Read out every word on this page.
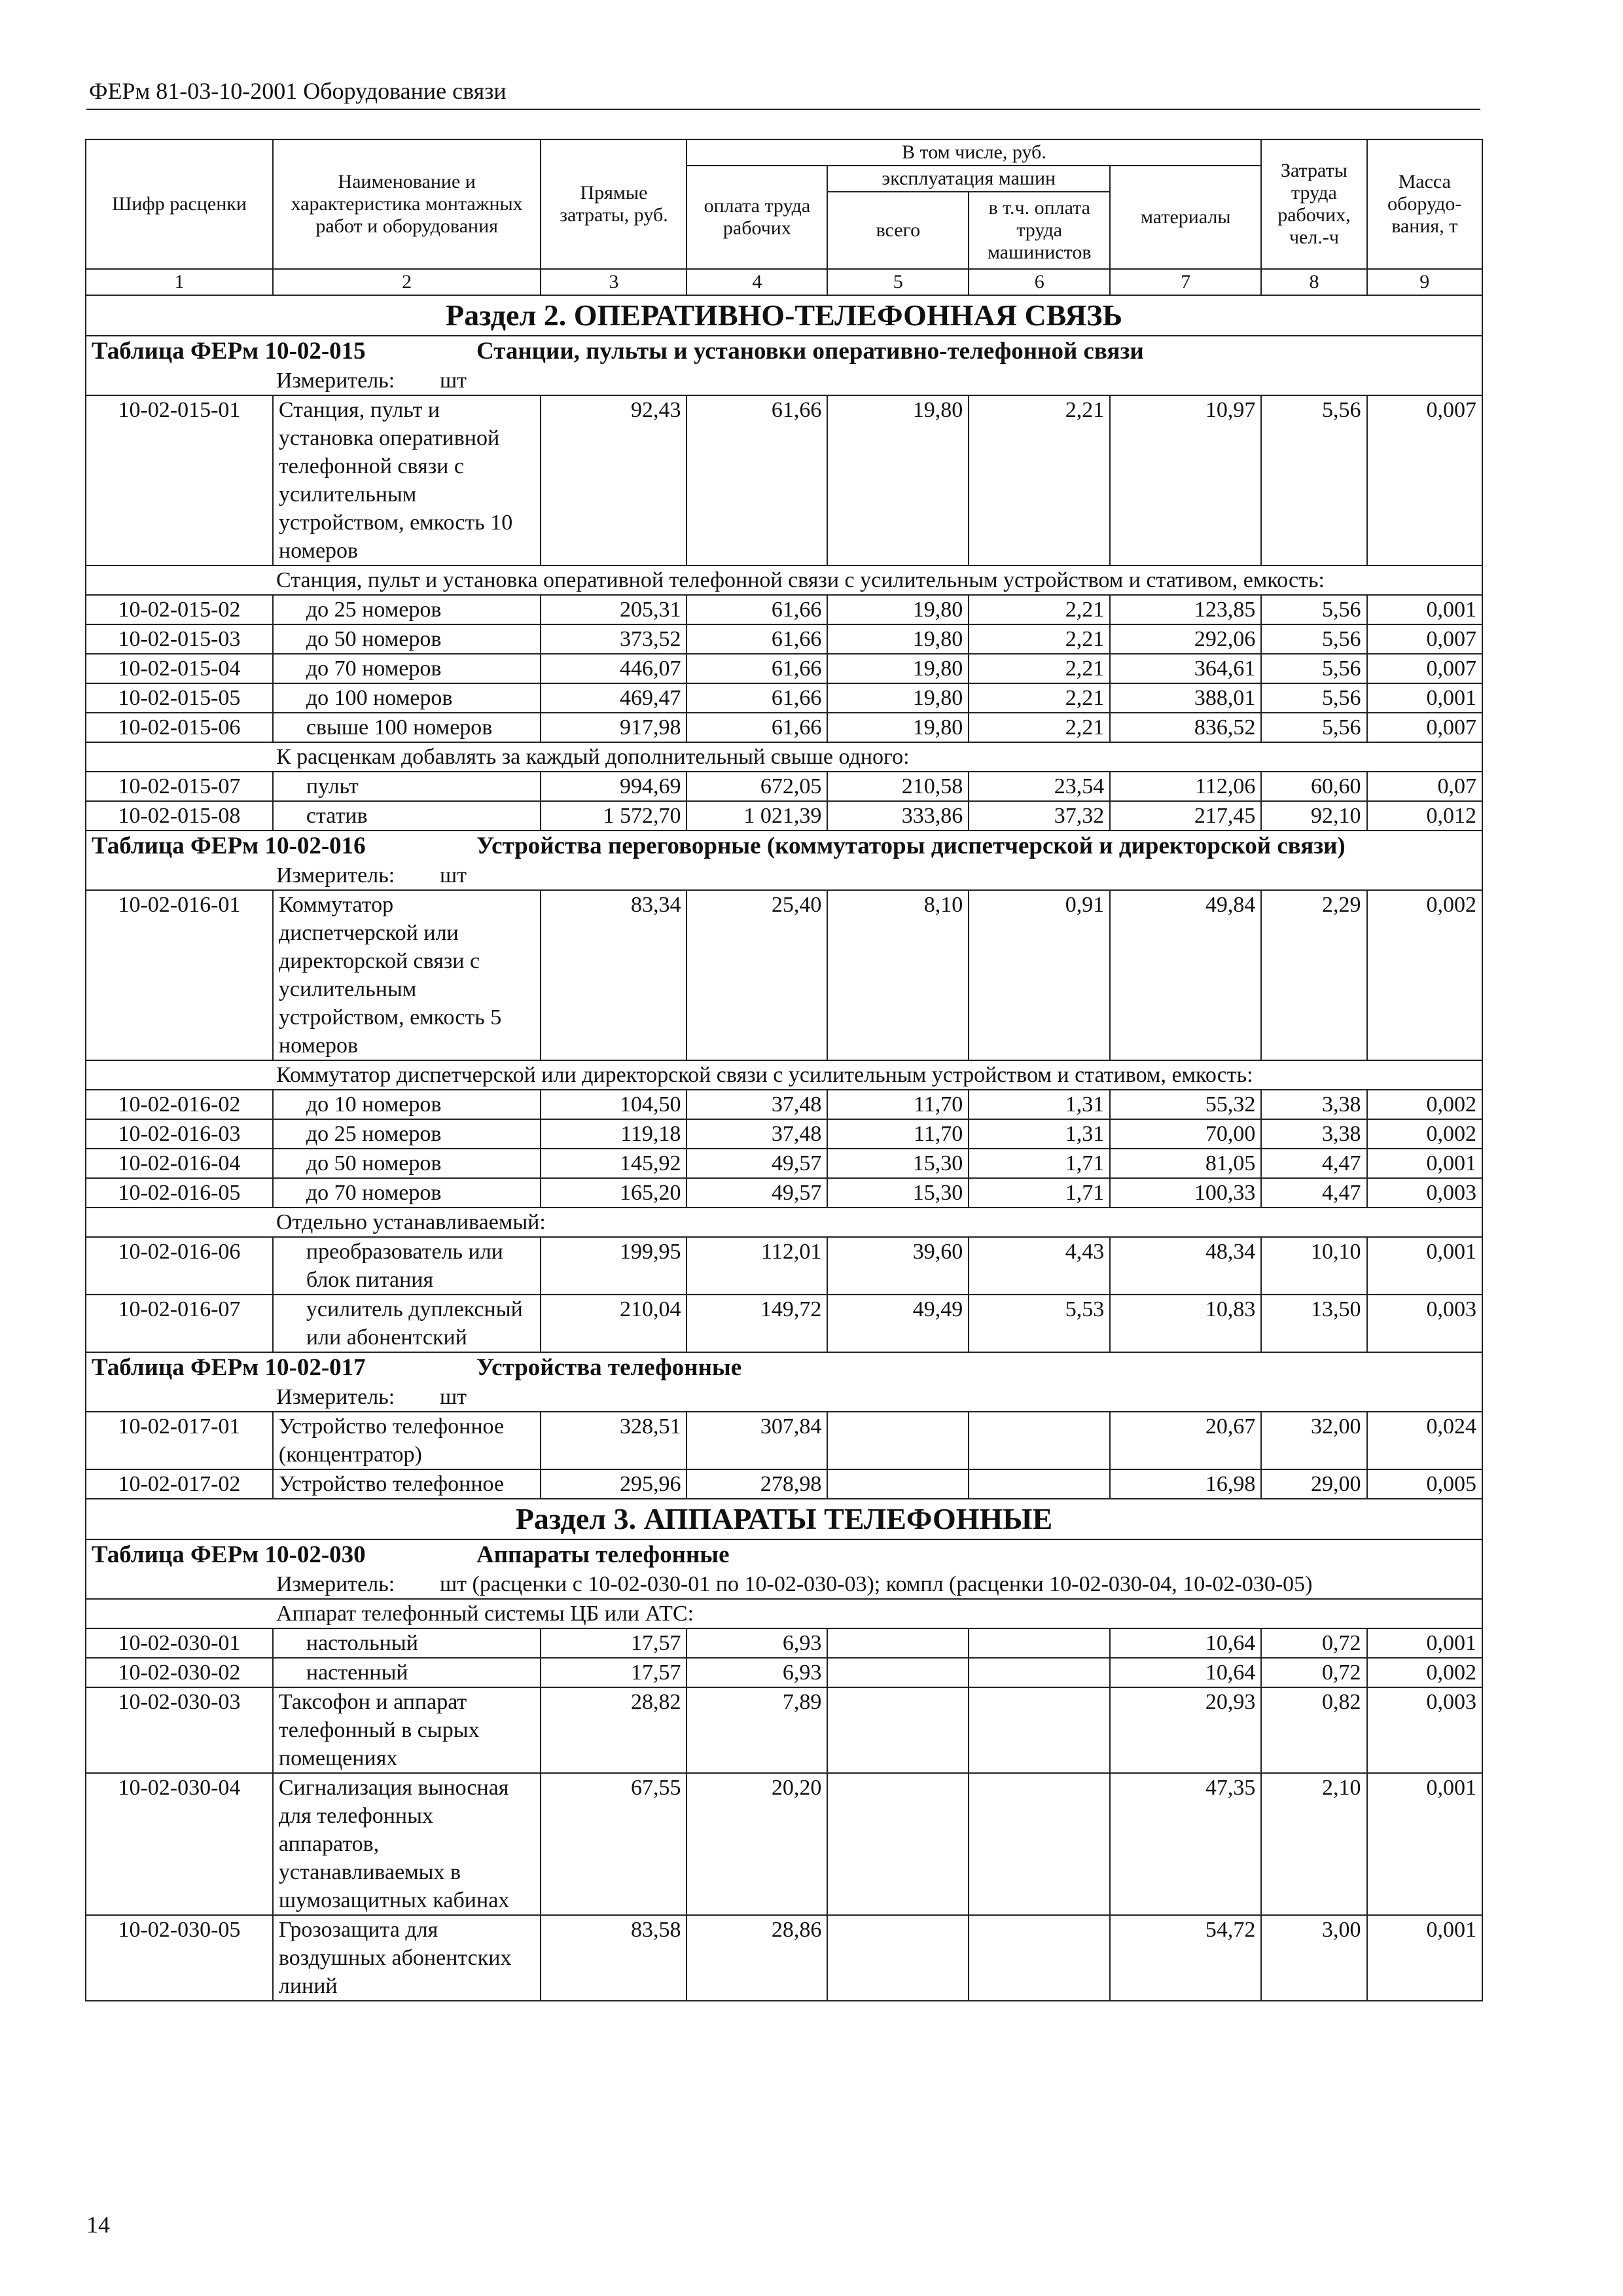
ФЕРм 81-03-10-2001 Оборудование связи
Шифр расценки	Наименование и характеристика монтажных работ и оборудования	Прямые затраты, руб.	В том числе, руб.				Затраты труда рабочих, чел.-ч	Масса оборудо-вания, т
			оплата труда рабочих	эксплуатация машин		материалы		
				всего	в т.ч. оплата труда машинистов			
1	2	3	4	5	6	7	8	9
Раздел 2. ОПЕРАТИВНО-ТЕЛЕФОННАЯ СВЯЗЬ								
Таблица ФЕРм 10-02-015 Станции, пульты и установки оперативно-телефонной связи								
Измеритель: шт								
10-02-015-01	Станция, пульт и установка оперативной телефонной связи с усилительным устройством, емкость 10 номеров	92,43	61,66	19,80	2,21	10,97	5,56	0,007
Станция, пульт и установка оперативной телефонной связи с усилительным устройством и стативом, емкость:								
10-02-015-02	до 25 номеров	205,31	61,66	19,80	2,21	123,85	5,56	0,001
10-02-015-03	до 50 номеров	373,52	61,66	19,80	2,21	292,06	5,56	0,007
10-02-015-04	до 70 номеров	446,07	61,66	19,80	2,21	364,61	5,56	0,007
10-02-015-05	до 100 номеров	469,47	61,66	19,80	2,21	388,01	5,56	0,001
10-02-015-06	свыше 100 номеров	917,98	61,66	19,80	2,21	836,52	5,56	0,007
К расценкам добавлять за каждый дополнительный свыше одного:								
10-02-015-07	пульт	994,69	672,05	210,58	23,54	112,06	60,60	0,07
10-02-015-08	статив	1 572,70	1 021,39	333,86	37,32	217,45	92,10	0,012
Таблица ФЕРм 10-02-016 Устройства переговорные (коммутаторы диспетчерской и директорской связи)								
Измеритель: шт								
10-02-016-01	Коммутатор диспетчерской или директорской связи с усилительным устройством, емкость 5 номеров	83,34	25,40	8,10	0,91	49,84	2,29	0,002
Коммутатор диспетчерской или директорской связи с усилительным устройством и стативом, емкость:								
10-02-016-02	до 10 номеров	104,50	37,48	11,70	1,31	55,32	3,38	0,002
10-02-016-03	до 25 номеров	119,18	37,48	11,70	1,31	70,00	3,38	0,002
10-02-016-04	до 50 номеров	145,92	49,57	15,30	1,71	81,05	4,47	0,001
10-02-016-05	до 70 номеров	165,20	49,57	15,30	1,71	100,33	4,47	0,003
Отдельно устанавливаемый:								
10-02-016-06	преобразователь или блок питания	199,95	112,01	39,60	4,43	48,34	10,10	0,001
10-02-016-07	усилитель дуплексный или абонентский	210,04	149,72	49,49	5,53	10,83	13,50	0,003
Таблица ФЕРм 10-02-017 Устройства телефонные								
Измеритель: шт								
10-02-017-01	Устройство телефонное (концентратор)	328,51	307,84			20,67	32,00	0,024
10-02-017-02	Устройство телефонное	295,96	278,98			16,98	29,00	0,005
Раздел 3. АППАРАТЫ ТЕЛЕФОННЫЕ								
Таблица ФЕРм 10-02-030 Аппараты телефонные								
Измеритель: шт (расценки с 10-02-030-01 по 10-02-030-03); компл (расценки 10-02-030-04, 10-02-030-05)								
Аппарат телефонный системы ЦБ или АТС:								
10-02-030-01	настольный	17,57	6,93			10,64	0,72	0,001
10-02-030-02	настенный	17,57	6,93			10,64	0,72	0,002
10-02-030-03	Таксофон и аппарат телефонный в сырых помещениях	28,82	7,89			20,93	0,82	0,003
10-02-030-04	Сигнализация выносная для телефонных аппаратов, устанавливаемых в шумозащитных кабинах	67,55	20,20			47,35	2,10	0,001
10-02-030-05	Грозозащита для воздушных абонентских линий	83,58	28,86			54,72	3,00	0,001
14
